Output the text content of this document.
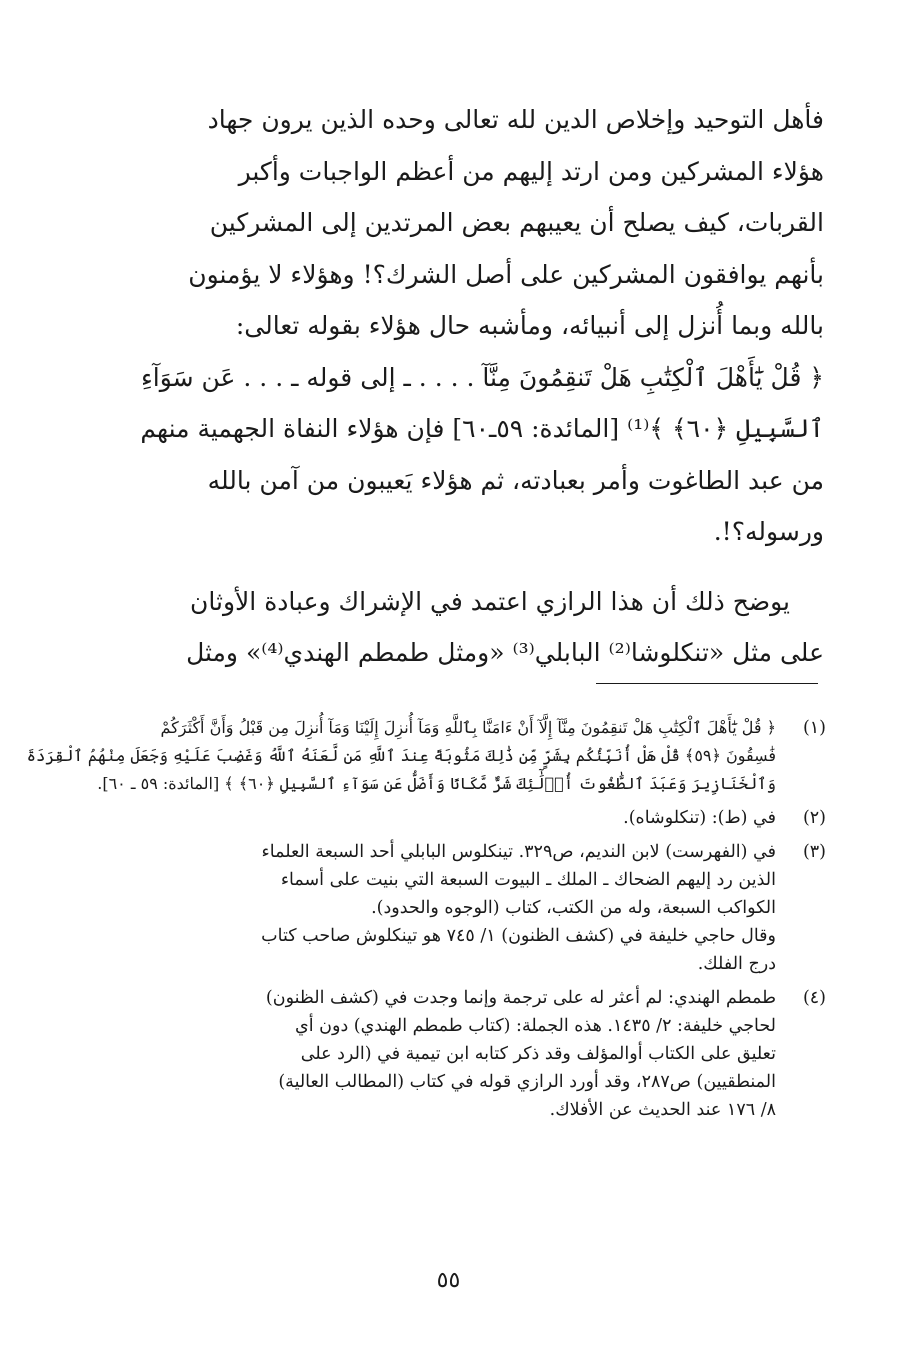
فأهل التوحيد وإخلاص الدين لله تعالى وحده الذين يرون جهاد
هؤلاء المشركين ومن ارتد إليهم من أعظم الواجبات وأكبر
القربات، كيف يصلح أن يعيبهم بعض المرتدين إلى المشركين
بأنهم يوافقون المشركين على أصل الشرك؟! وهؤلاء لا يؤمنون
بالله وبما أُنزل إلى أنبيائه، ومأشبه حال هؤلاء بقوله تعالى:
﴿ قُلْ يَٰٓأَهْلَ ٱلْكِتَٰبِ هَلْ تَنقِمُونَ مِنَّآ . . . . ـ إلى قوله ـ . . . عَن سَوَآءِ
ٱلسَّبِيلِ ﴿٦٠﴾ ﴾⁽¹⁾ [المائدة: ٥٩ـ٦٠] فإن هؤلاء النفاة الجهمية منهم
من عبد الطاغوت وأمر بعبادته، ثم هؤلاء يَعيبون من آمن بالله
ورسوله؟!.
يوضح ذلك أن هذا الرازي اعتمد في الإشراك وعبادة الأوثان
على مثل «تنكلوشا⁽²⁾ البابلي⁽³⁾ «ومثل طمطم الهندي⁽⁴⁾» ومثل
(١)
﴿ قُلْ يَٰٓأَهْلَ ٱلْكِتَٰبِ هَلْ تَنقِمُونَ مِنَّآ إِلَّآ أَنْ ءَامَنَّا بِٱللَّهِ وَمَآ أُنزِلَ إِلَيْنَا وَمَآ أُنزِلَ مِن قَبْلُ وَأَنَّ أَكْثَرَكُمْ
فَٰسِقُونَ ﴿٥٩﴾ قُلْ هَلْ أُنَبِّئُكُم بِشَرٍّ مِّن ذَٰلِكَ مَثُوبَةً عِندَ ٱللَّهِ مَن لَّعَنَهُ ٱللَّهُ وَغَضِبَ عَلَيْهِ وَجَعَلَ مِنْهُمُ ٱلْقِرَدَةَ
وَٱلْخَنَازِيرَ وَعَبَدَ ٱلطَّٰغُوتَ أُو۟لَٰٓئِكَ شَرٌّ مَّكَانًا وَأَضَلُّ عَن سَوَآءِ ٱلسَّبِيلِ ﴿٦٠﴾ ﴾ [المائدة: ٥٩ ـ ٦٠].
(٢)
في (ط): (تنكلوشاه).
(٣)
في (الفهرست) لابن النديم، ص٣٢٩. تينكلوس البابلي أحد السبعة العلماء
الذين رد إليهم الضحاك ـ الملك ـ البيوت السبعة التي بنيت على أسماء
الكواكب السبعة، وله من الكتب، كتاب (الوجوه والحدود).
وقال حاجي خليفة في (كشف الظنون) ١/ ٧٤٥ هو تينكلوش صاحب كتاب
درج الفلك.
(٤)
طمطم الهندي: لم أعثر له على ترجمة وإنما وجدت في (كشف الظنون)
لحاجي خليفة: ٢/ ١٤٣٥. هذه الجملة: (كتاب طمطم الهندي) دون أي
تعليق على الكتاب أوالمؤلف وقد ذكر كتابه ابن تيمية في (الرد على
المنطقيين) ص٢٨٧، وقد أورد الرازي قوله في كتاب (المطالب العالية)
٨/ ١٧٦ عند الحديث عن الأفلاك.
٥٥
